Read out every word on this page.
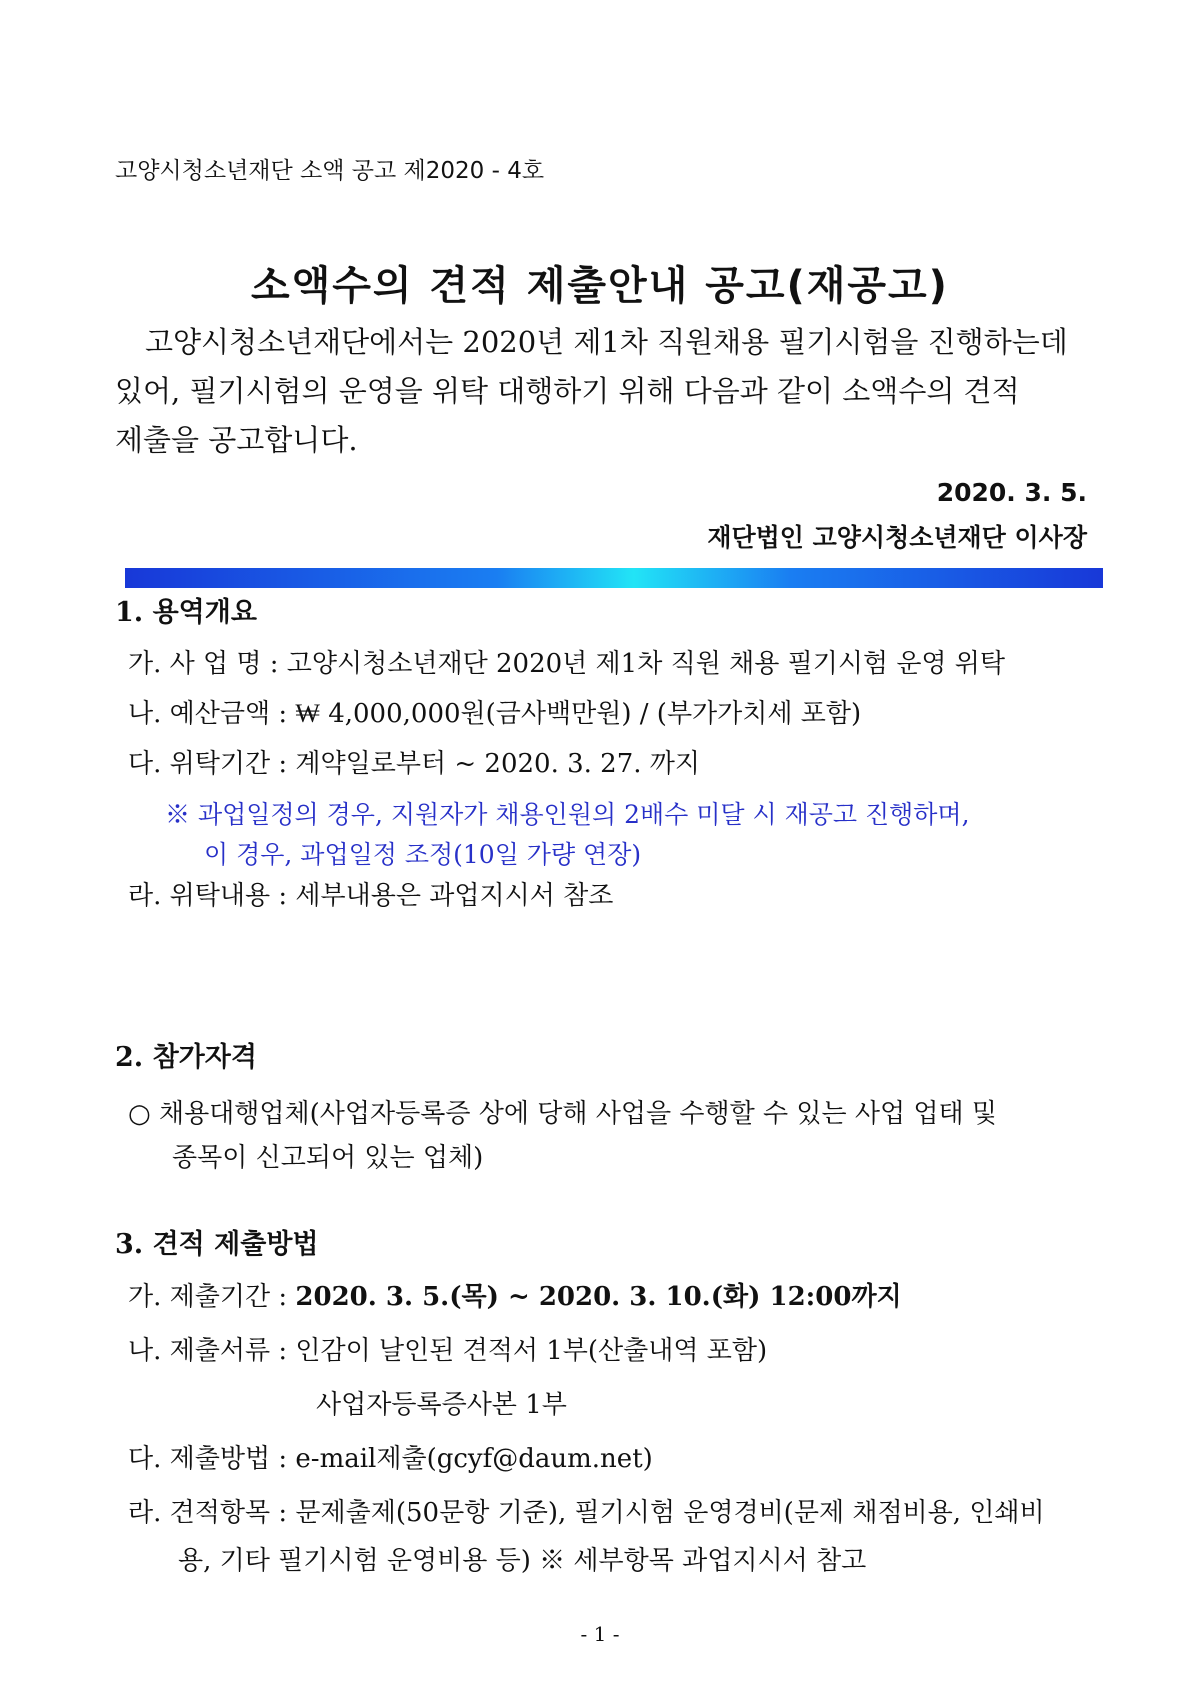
고양시청소년재단 소액 공고 제2020 - 4호
소액수의 견적 제출안내 공고(재공고)
고양시청소년재단에서는 2020년 제1차 직원채용 필기시험을 진행하는데
있어, 필기시험의 운영을 위탁 대행하기 위해 다음과 같이 소액수의 견적
제출을 공고합니다.
2020. 3. 5.
재단법인 고양시청소년재단 이사장
1. 용역개요
가. 사 업 명 : 고양시청소년재단 2020년 제1차 직원 채용 필기시험 운영 위탁
나. 예산금액 : ₩ 4,000,000원(금사백만원) / (부가가치세 포함)
다. 위탁기간 : 계약일로부터 ~ 2020. 3. 27. 까지
※ 과업일정의 경우, 지원자가 채용인원의 2배수 미달 시 재공고 진행하며,
이 경우, 과업일정 조정(10일 가량 연장)
라. 위탁내용 : 세부내용은 과업지시서 참조
2. 참가자격
○ 채용대행업체(사업자등록증 상에 당해 사업을 수행할 수 있는 사업 업태 및
종목이 신고되어 있는 업체)
3. 견적 제출방법
가. 제출기간 : 2020. 3. 5.(목) ~ 2020. 3. 10.(화) 12:00까지
나. 제출서류 : 인감이 날인된 견적서 1부(산출내역 포함)
사업자등록증사본 1부
다. 제출방법 : e-mail제출(gcyf@daum.net)
라. 견적항목 : 문제출제(50문항 기준), 필기시험 운영경비(문제 채점비용, 인쇄비
용, 기타 필기시험 운영비용 등) ※ 세부항목 과업지시서 참고
- 1 -
